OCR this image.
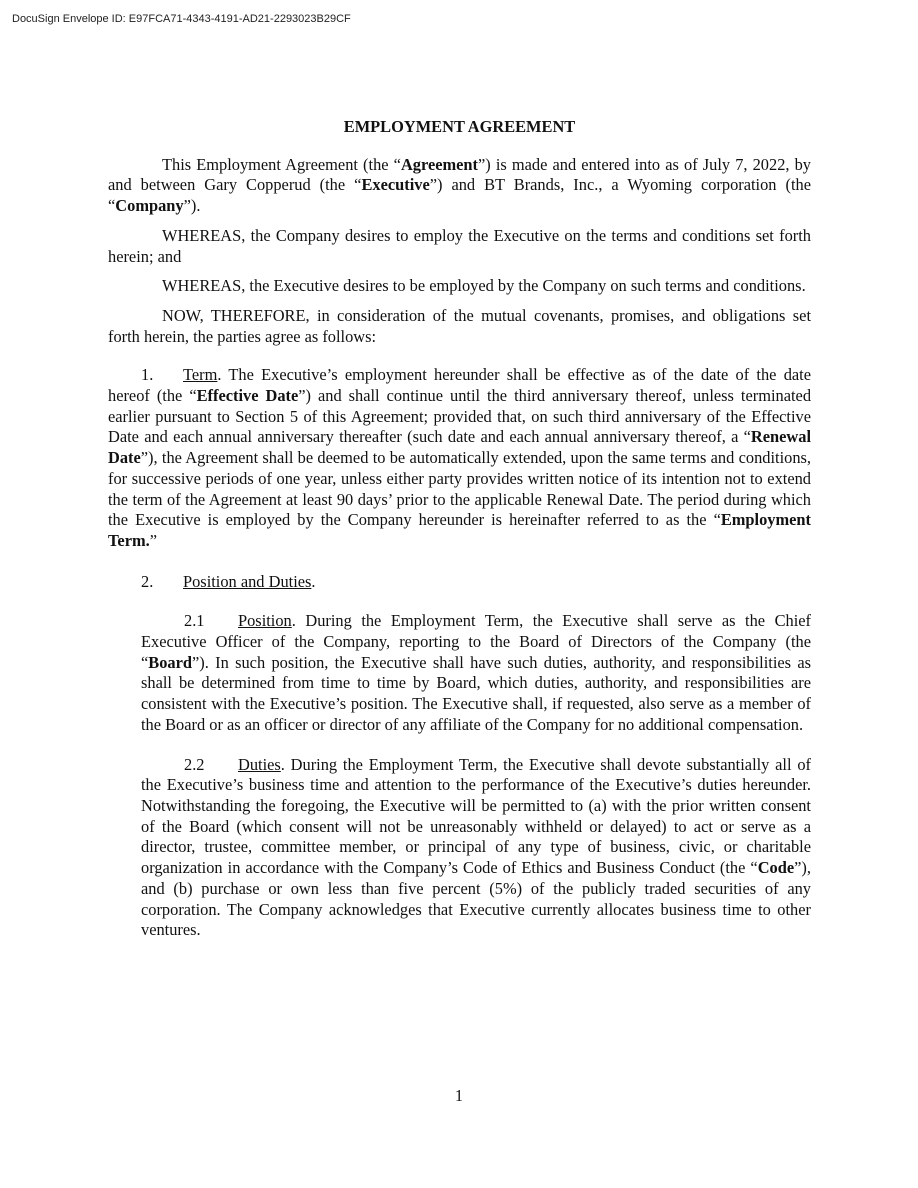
DocuSign Envelope ID: E97FCA71-4343-4191-AD21-2293023B29CF
EMPLOYMENT AGREEMENT

This Employment Agreement (the “Agreement”) is made and entered into as of July 7, 2022, by and between Gary Copperud (the “Executive”) and BT Brands, Inc., a Wyoming corporation (the “Company”).

WHEREAS, the Company desires to employ the Executive on the terms and conditions set forth herein; and

WHEREAS, the Executive desires to be employed by the Company on such terms and conditions.

NOW, THEREFORE, in consideration of the mutual covenants, promises, and obligations set forth herein, the parties agree as follows:

1. Term. The Executive’s employment hereunder shall be effective as of the date of the date hereof (the “Effective Date”) and shall continue until the third anniversary thereof, unless terminated earlier pursuant to Section 5 of this Agreement; provided that, on such third anniversary of the Effective Date and each annual anniversary thereafter (such date and each annual anniversary thereof, a “Renewal Date”), the Agreement shall be deemed to be automatically extended, upon the same terms and conditions, for successive periods of one year, unless either party provides written notice of its intention not to extend the term of the Agreement at least 90 days’ prior to the applicable Renewal Date. The period during which the Executive is employed by the Company hereunder is hereinafter referred to as the “Employment Term.”

2. Position and Duties.

2.1 Position. During the Employment Term, the Executive shall serve as the Chief Executive Officer of the Company, reporting to the Board of Directors of the Company (the “Board”). In such position, the Executive shall have such duties, authority, and responsibilities as shall be determined from time to time by Board, which duties, authority, and responsibilities are consistent with the Executive’s position. The Executive shall, if requested, also serve as a member of the Board or as an officer or director of any affiliate of the Company for no additional compensation.

2.2 Duties. During the Employment Term, the Executive shall devote substantially all of the Executive’s business time and attention to the performance of the Executive’s duties hereunder. Notwithstanding the foregoing, the Executive will be permitted to (a) with the prior written consent of the Board (which consent will not be unreasonably withheld or delayed) to act or serve as a director, trustee, committee member, or principal of any type of business, civic, or charitable organization in accordance with the Company’s Code of Ethics and Business Conduct (the “Code”), and (b) purchase or own less than five percent (5%) of the publicly traded securities of any corporation. The Company acknowledges that Executive currently allocates business time to other ventures.

1
